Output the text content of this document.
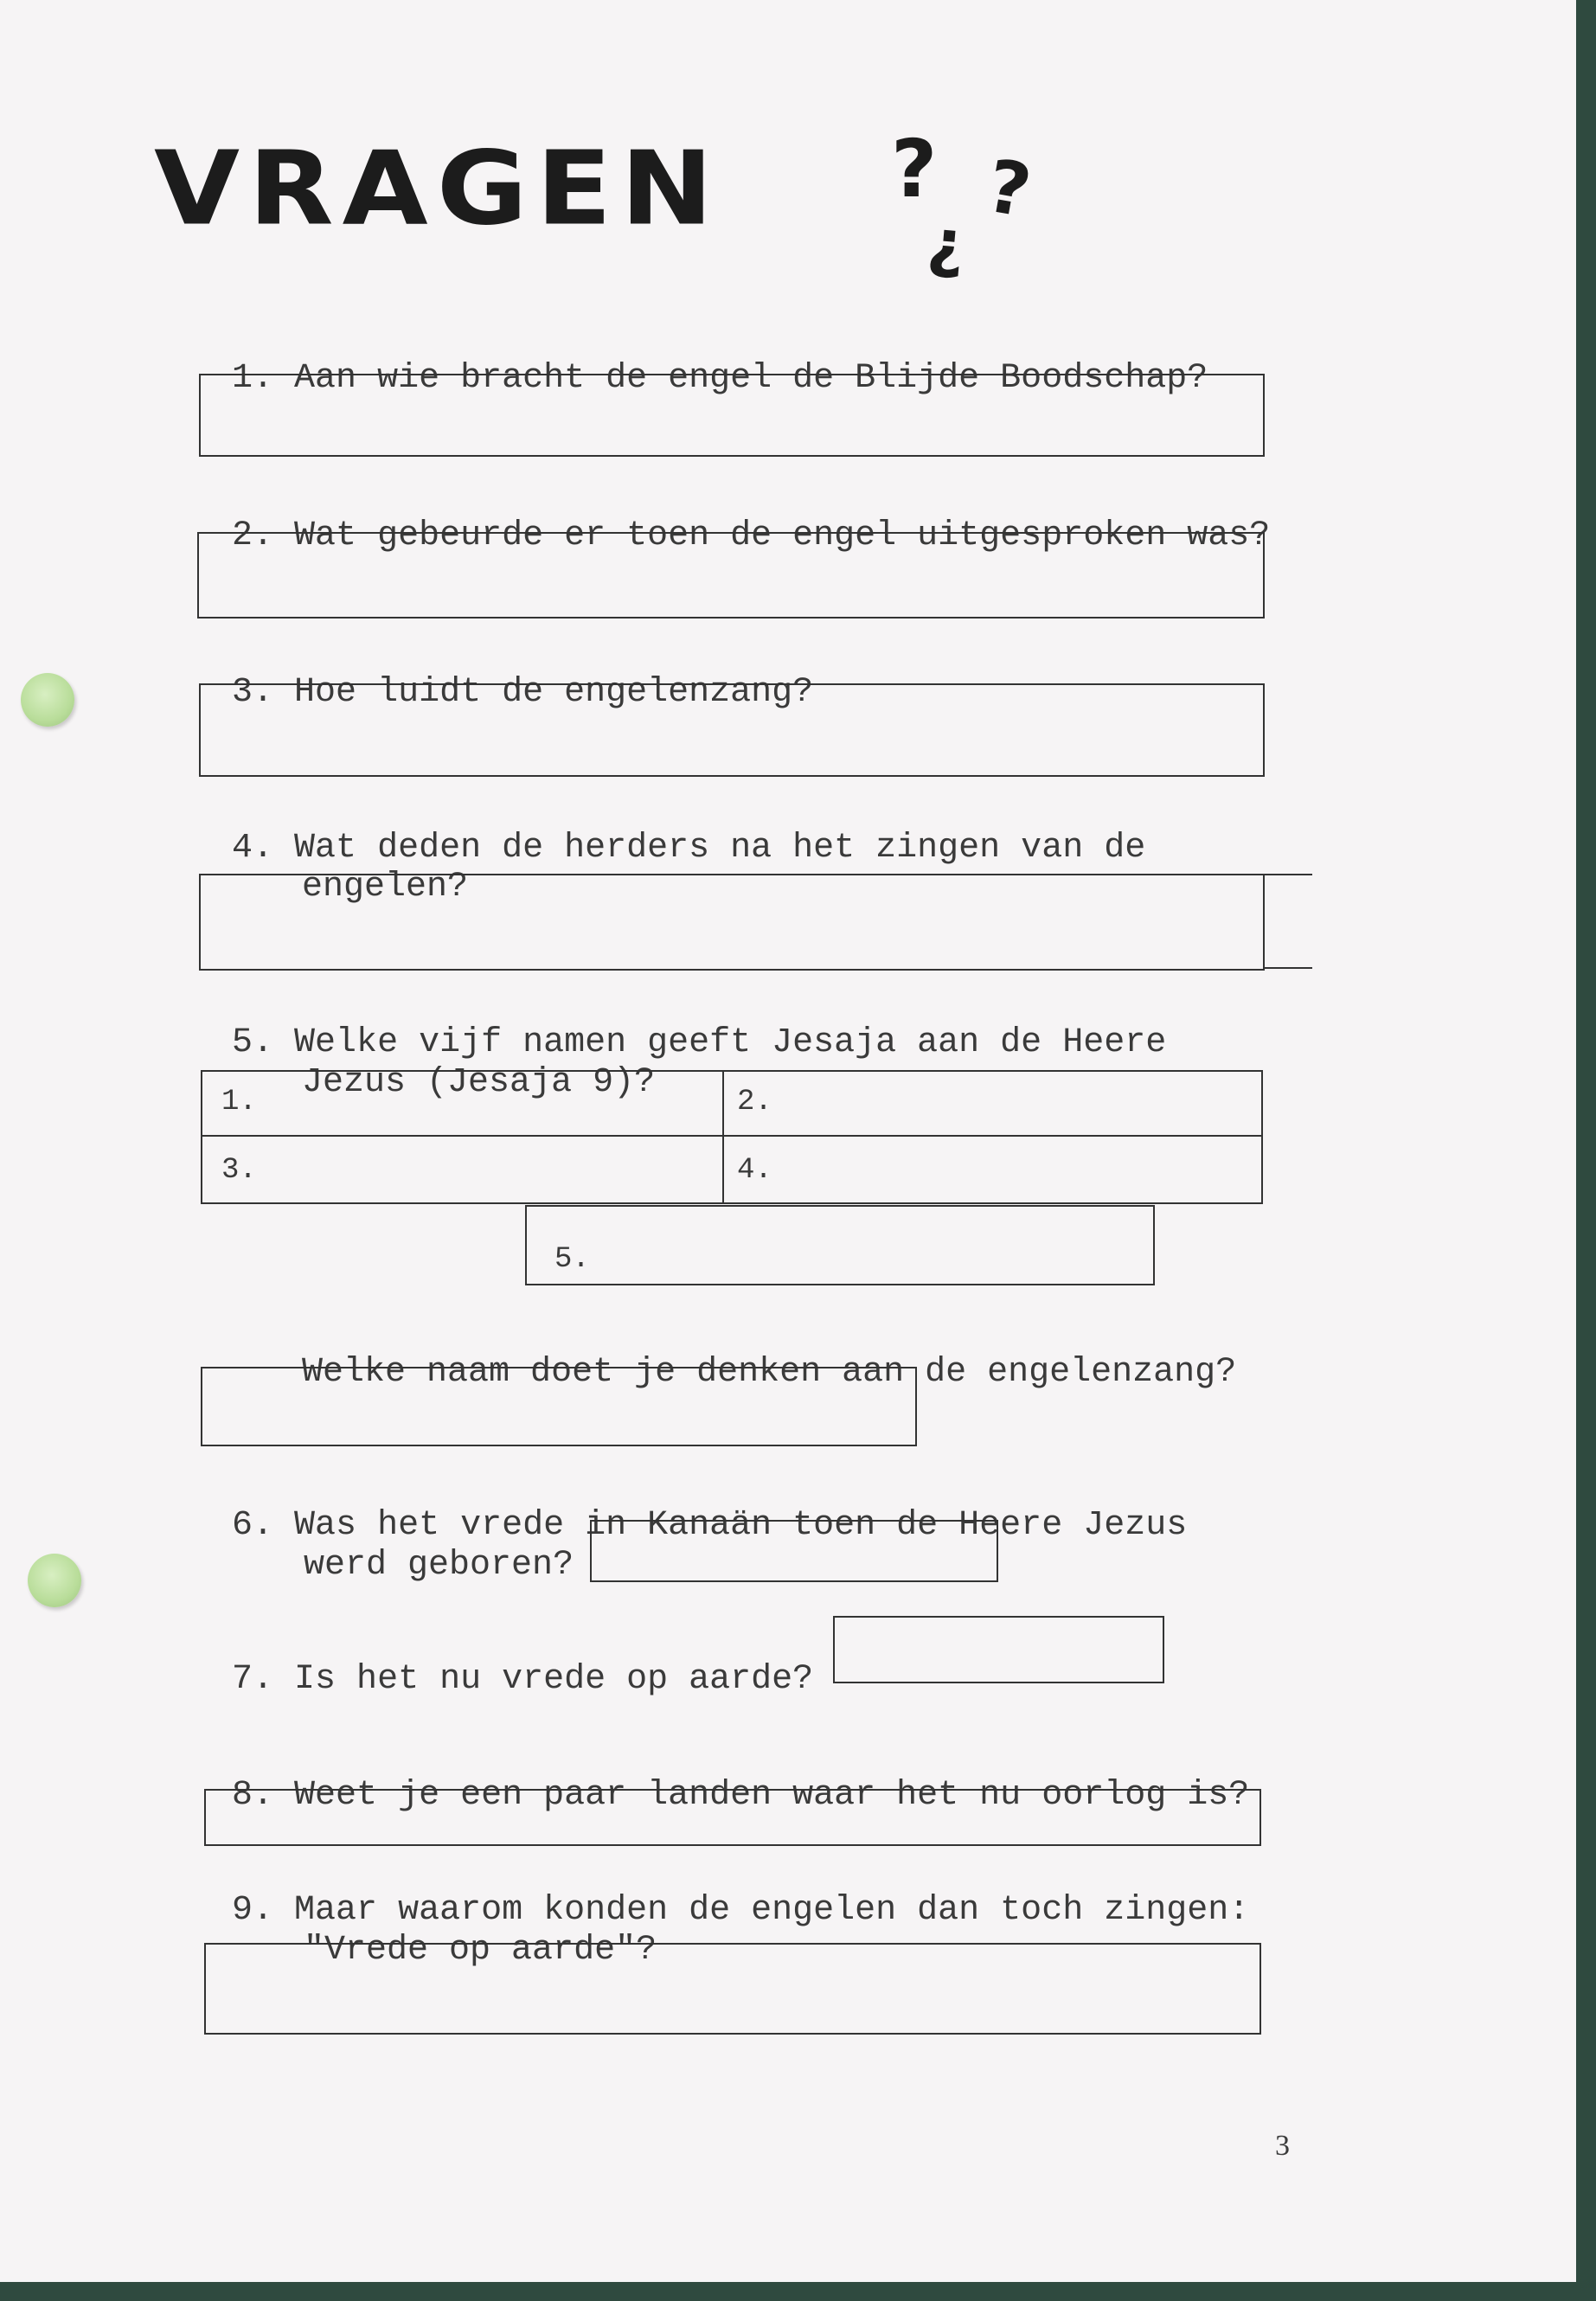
VRAGEN ? ?
?

1. Aan wie bracht de engel de Blijde Boodschap?

2. Wat gebeurde er toen de engel uitgesproken was?

3. Hoe luidt de engelenzang?

4. Wat deden de herders na het zingen van de

engelen?

5. Welke vijf namen geeft Jesaja aan de Heere

Jezus (Jesaja 9)?

1.	2.
3.	4.
5.

Welke naam doet je denken aan de engelenzang?

6. Was het vrede in Kanaän toen de Heere Jezus

werd geboren?

7. Is het nu vrede op aarde?

8. Weet je een paar landen waar het nu oorlog is?

9. Maar waarom konden de engelen dan toch zingen:

"Vrede op aarde"?

3
